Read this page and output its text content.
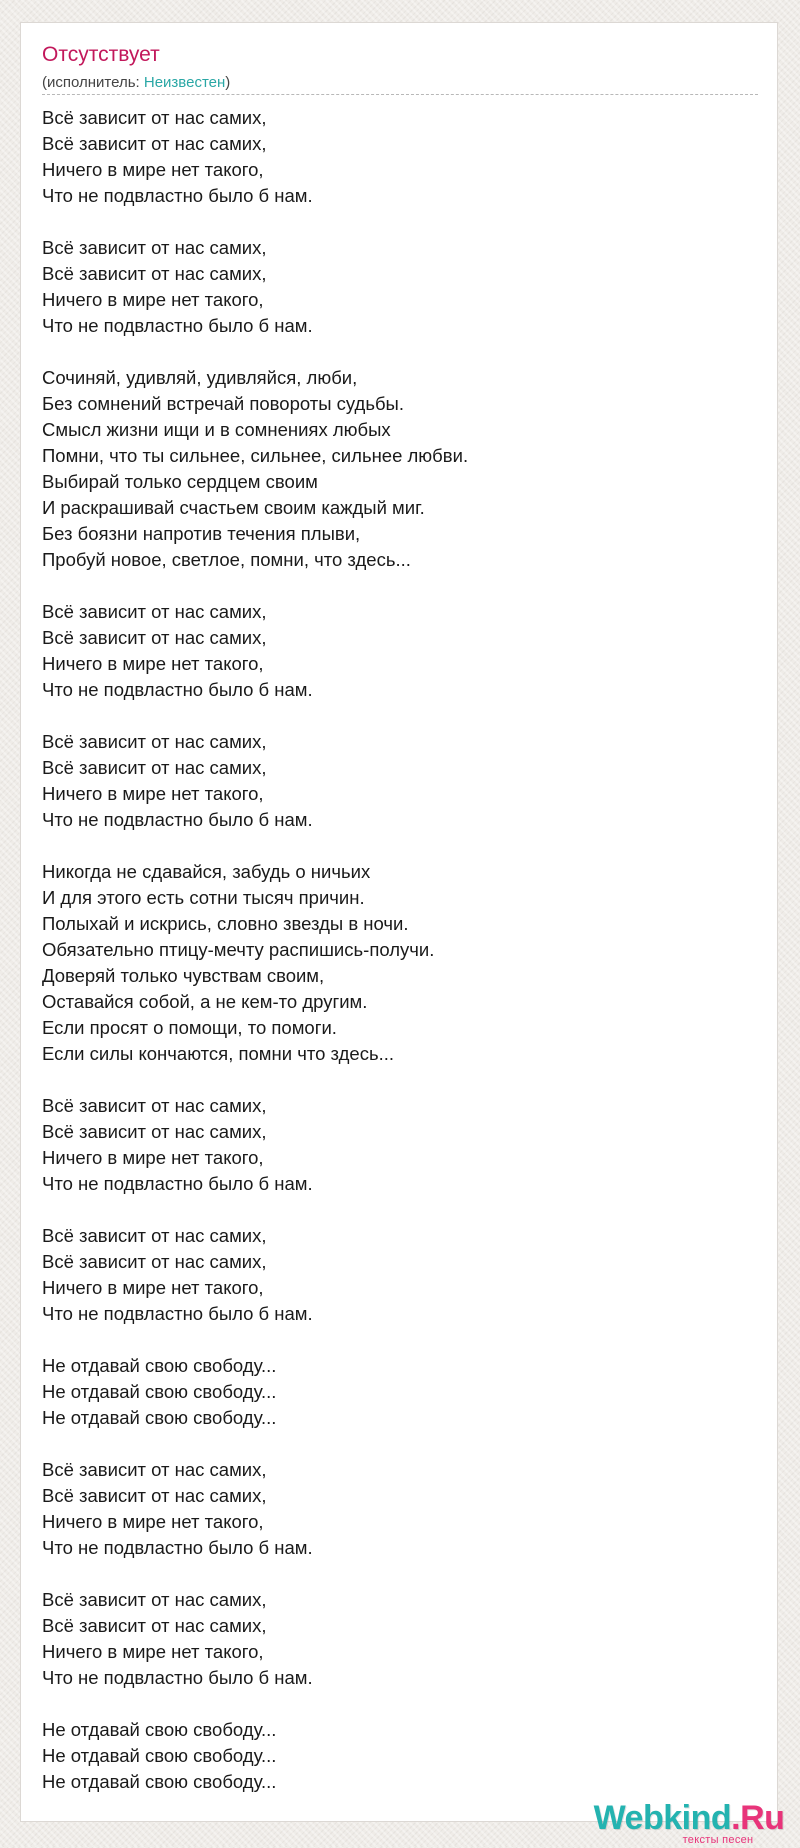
Отсутствует
(исполнитель: Неизвестен)
Всё зависит от нас самих,
Всё зависит от нас самих,
Ничего в мире нет такого,
Что не подвластно было б нам.
Всё зависит от нас самих,
Всё зависит от нас самих,
Ничего в мире нет такого,
Что не подвластно было б нам.
Сочиняй, удивляй, удивляйся, люби,
Без сомнений встречай повороты судьбы.
Смысл жизни ищи и в сомнениях любых
Помни, что ты сильнее, сильнее, сильнее любви.
Выбирай только сердцем своим
И раскрашивай счастьем своим каждый миг.
Без боязни напротив течения плыви,
Пробуй новое, светлое, помни, что здесь...
Всё зависит от нас самих,
Всё зависит от нас самих,
Ничего в мире нет такого,
Что не подвластно было б нам.
Всё зависит от нас самих,
Всё зависит от нас самих,
Ничего в мире нет такого,
Что не подвластно было б нам.
Никогда не сдавайся, забудь о ничьих
И для этого есть сотни тысяч причин.
Полыхай и искрись, словно звезды в ночи.
Обязательно птицу-мечту распишись-получи.
Доверяй только чувствам своим,
Оставайся собой, а не кем-то другим.
Если просят о помощи, то помоги.
Если силы кончаются, помни что здесь...
Всё зависит от нас самих,
Всё зависит от нас самих,
Ничего в мире нет такого,
Что не подвластно было б нам.
Всё зависит от нас самих,
Всё зависит от нас самих,
Ничего в мире нет такого,
Что не подвластно было б нам.
Не отдавай свою свободу...
Не отдавай свою свободу...
Не отдавай свою свободу...
Всё зависит от нас самих,
Всё зависит от нас самих,
Ничего в мире нет такого,
Что не подвластно было б нам.
Всё зависит от нас самих,
Всё зависит от нас самих,
Ничего в мире нет такого,
Что не подвластно было б нам.
Не отдавай свою свободу...
Не отдавай свою свободу...
Не отдавай свою свободу...
Webkind.Ru
тексты песен
